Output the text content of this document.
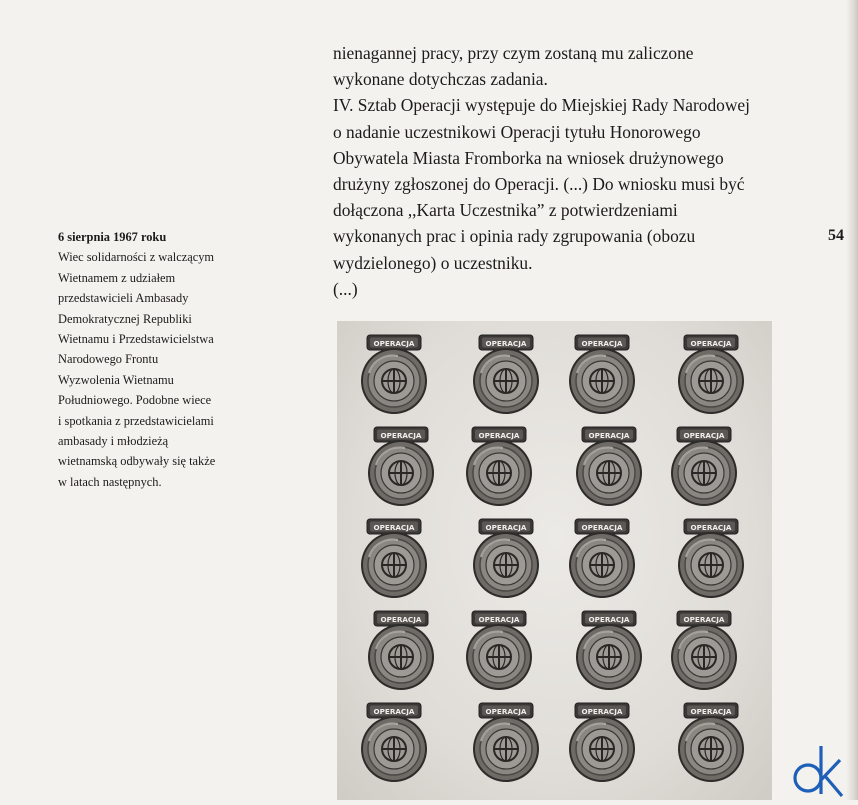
nienagannej pracy, przy czym zostaną mu zaliczone

wykonane dotychczas zadania.

IV. Sztab Operacji występuje do Miejskiej Rady Narodowej

o nadanie uczestnikowi Operacji tytułu Honorowego

Obywatela Miasta Fromborka na wniosek drużynowego

drużyny zgłoszonej do Operacji. (...) Do wniosku musi być

dołączona ,,Karta Uczestnika” z potwierdzeniami

wykonanych prac i opinia rady zgrupowania (obozu

wydzielonego) o uczestniku.

(...)

54

6 sierpnia 1967 roku

Wiec solidarności z walczącym

Wietnamem z udziałem

przedstawicieli Ambasady

Demokratycznej Republiki

Wietnamu i Przedstawicielstwa

Narodowego Frontu

Wyzwolenia Wietnamu

Południowego. Podobne wiece

i spotkania z przedstawicielami

ambasady i młodzieżą

wietnamską odbywały się także

w latach następnych.

OPERACJA	OPERACJA	OPERACJA	OPERACJA
OPERACJA	OPERACJA	OPERACJA	OPERACJA
OPERACJA	OPERACJA	OPERACJA	OPERACJA
OPERACJA	OPERACJA	OPERACJA	OPERACJA
OPERACJA	OPERACJA	OPERACJA	OPERACJA
